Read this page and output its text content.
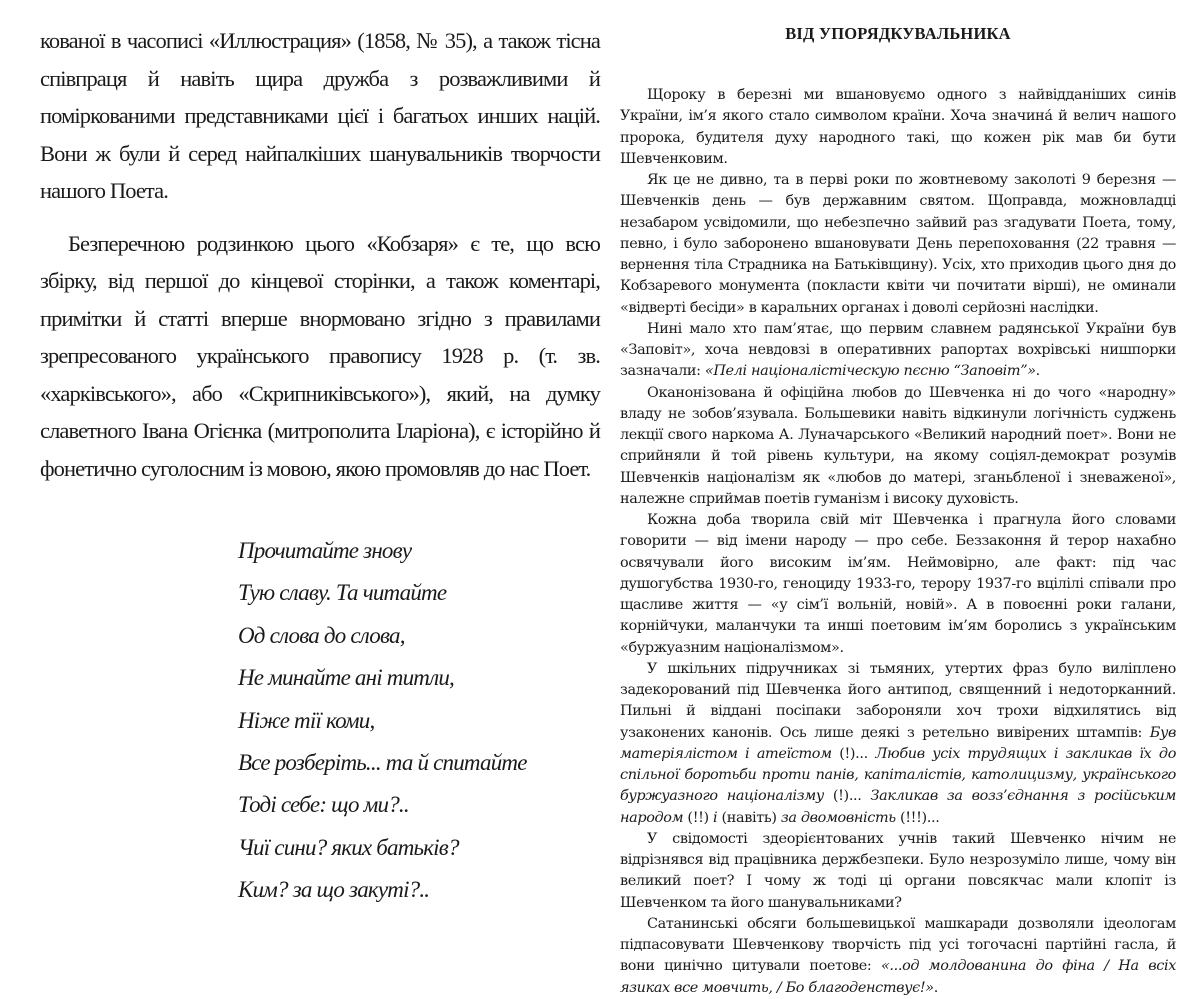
кованої в часописі «Иллюстрация» (1858, № 35), а також тісна співпраця й навіть щира дружба з розважливими й поміркованими представниками цієї і багатьох инших націй. Вони ж були й серед найпалкіших шанувальників творчости нашого Поета.

Безперечною родзинкою цього «Кобзаря» є те, що всю збірку, від першої до кінцевої сторінки, а також коментарі, примітки й статті вперше внормовано згідно з правилами зрепресованого українського правопису 1928 р. (т. зв. «харківського», або «Скрипниківського»), який, на думку славетного Івана Огієнка (митрополита Іларіона), є історійно й фонетично суголосним із мовою, якою промовляв до нас Поет.

Прочитайте знову
Тую славу. Та читайте
Од слова до слова,
Не минайте ані титли,
Ніже тії коми,
Все розберіть... та й спитайте
Тоді себе: що ми?..
Чиї сини? яких батьків?
Ким? за що закуті?..
ВІД УПОРЯДКУВАЛЬНИКА

Щороку в березні ми вшановуємо одного з найвідданіших синів України, ім’я якого стало символом країни. Хоча значина́ й велич нашого пророка, будителя духу народного такі, що кожен рік мав би бути Шевченковим.

Як це не дивно, та в перві роки по жовтневому заколоті 9 березня — Шевченків день — був державним святом. Щоправда, можновладці незабаром усвідомили, що небезпечно зайвий раз згадувати Поета, тому, певно, і було заборонено вшановувати День перепоховання (22 травня — вернення тіла Страдника на Батьківщину). Усіх, хто приходив цього дня до Кобзаревого монумента (покласти квіти чи почитати вірші), не оминали «відверті бесіди» в каральних органах і доволі серйозні наслідки.

Нині мало хто пам’ятає, що первим славнем радянської України був «Заповіт», хоча невдовзі в оперативних рапортах вохрівські нишпорки зазначали: «Пелі націоналістіческую пєсню “Заповіт”».

Оканонізована й офіційна любов до Шевченка ні до чого «народну» владу не зобов’язувала. Большевики навіть відкинули логічність суджень лекції свого наркома А. Луначарського «Великий народний поет». Вони не сприйняли й той рівень культури, на якому соціял-демократ розумів Шевченків націоналізм як «любов до матері, зганьбленої і зневаженої», належне сприймав поетів гуманізм і високу духовість.

Кожна доба творила свій міт Шевченка і прагнула його словами говорити — від імени народу — про себе. Беззаконня й терор нахабно освячували його високим ім’ям. Неймовірно, але факт: під час душогубства 1930-го, геноциду 1933-го, терору 1937-го вцілілі співали про щасливе життя — «у сім’ї вольній, новій». А в повоєнні роки галани, корнійчуки, маланчуки та инші поетовим ім’ям боролись з українським «буржуазним націоналізмом».

У шкільних підручниках зі тьмяних, утертих фраз було виліплено задекорований під Шевченка його антипод, священний і недоторканний. Пильні й віддані посіпаки забороняли хоч трохи відхилятись від узаконених канонів. Ось лише деякі з ретельно вивірених штампів: Був матеріялістом і атеїстом (!)... Любив усіх трудящих і закликав їх до спільної боротьби проти панів, капіталістів, католицизму, українського буржуазного націоналізму (!)... Закликав за возз’єднання з російським народом (!!) і (навіть) за двомовність (!!!)...

У свідомості здеорієнтованих учнів такий Шевченко нічим не відрізнявся від працівника держбезпеки. Було незрозуміло лише, чому він великий поет? І чому ж тоді ці органи повсякчас мали клопіт із Шевченком та його шанувальниками?

Сатанинські обсяги большевицької машкаради дозволяли ідеологам підпасовувати Шевченкову творчість під усі тогочасні партійні гасла, й вони цинічно цитували поетове: «...од молдованина до фіна / На всіх язиках все мовчить, / Бо благоденствує!».
